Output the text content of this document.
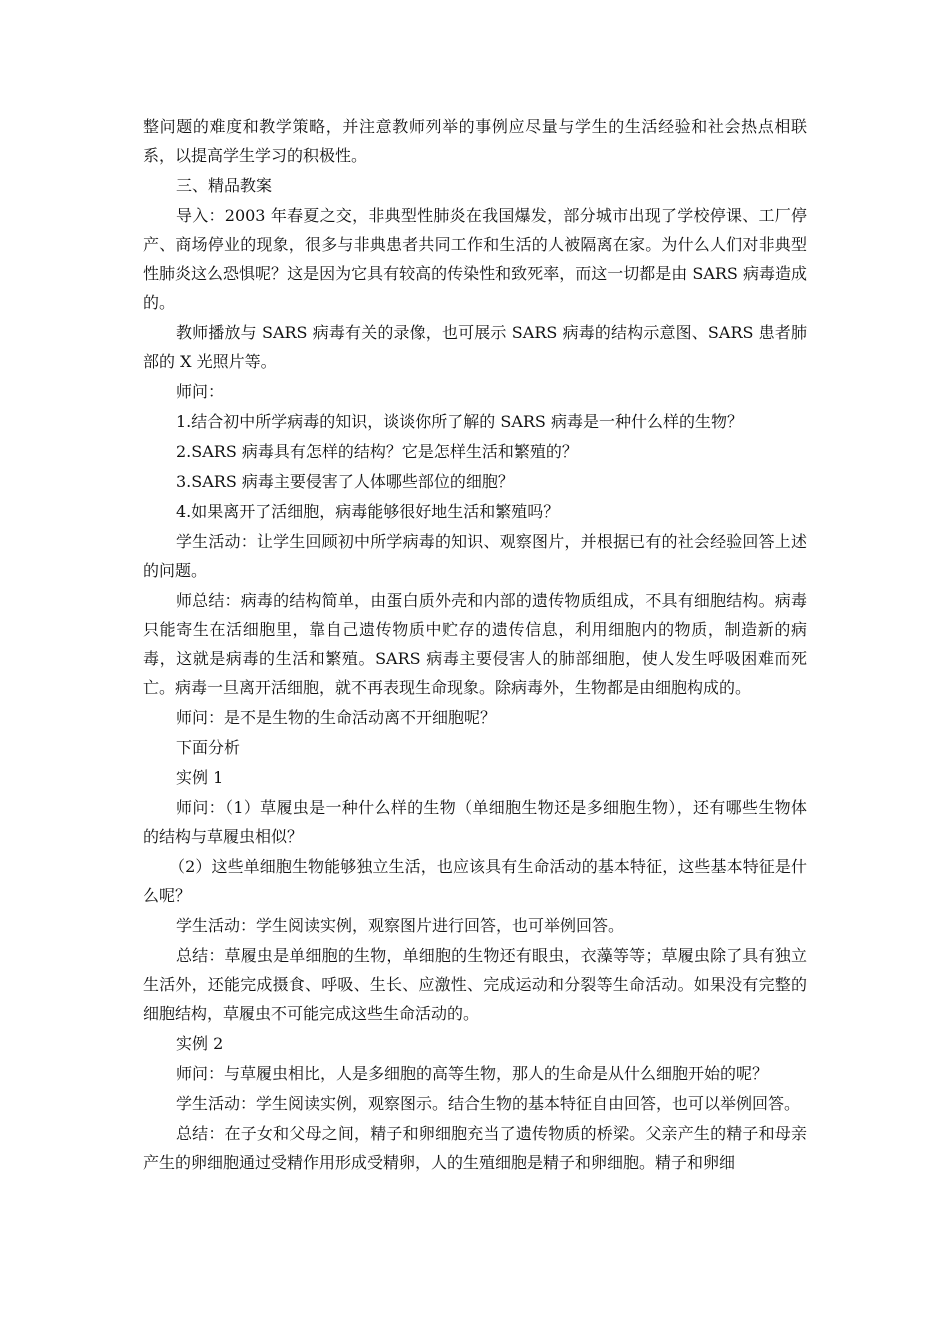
整问题的难度和教学策略，并注意教师列举的事例应尽量与学生的生活经验和社会热点相联系，以提高学生学习的积极性。

三、精品教案

导入：2003 年春夏之交，非典型性肺炎在我国爆发，部分城市出现了学校停课、工厂停产、商场停业的现象，很多与非典患者共同工作和生活的人被隔离在家。为什么人们对非典型性肺炎这么恐惧呢？这是因为它具有较高的传染性和致死率，而这一切都是由 SARS 病毒造成的。

教师播放与 SARS 病毒有关的录像，也可展示 SARS 病毒的结构示意图、SARS 患者肺部的 X 光照片等。

师问：

1.结合初中所学病毒的知识，谈谈你所了解的 SARS 病毒是一种什么样的生物？

2.SARS 病毒具有怎样的结构？它是怎样生活和繁殖的？

3.SARS 病毒主要侵害了人体哪些部位的细胞？

4.如果离开了活细胞，病毒能够很好地生活和繁殖吗？

学生活动：让学生回顾初中所学病毒的知识、观察图片，并根据已有的社会经验回答上述的问题。

师总结：病毒的结构简单，由蛋白质外壳和内部的遗传物质组成，不具有细胞结构。病毒只能寄生在活细胞里，靠自己遗传物质中贮存的遗传信息，利用细胞内的物质，制造新的病毒，这就是病毒的生活和繁殖。SARS 病毒主要侵害人的肺部细胞，使人发生呼吸困难而死亡。病毒一旦离开活细胞，就不再表现生命现象。除病毒外，生物都是由细胞构成的。

师问：是不是生物的生命活动离不开细胞呢？

下面分析

实例 1

师问：（1）草履虫是一种什么样的生物（单细胞生物还是多细胞生物），还有哪些生物体的结构与草履虫相似？

（2）这些单细胞生物能够独立生活，也应该具有生命活动的基本特征，这些基本特征是什么呢？

学生活动：学生阅读实例，观察图片进行回答，也可举例回答。

总结：草履虫是单细胞的生物，单细胞的生物还有眼虫，衣藻等等；草履虫除了具有独立生活外，还能完成摄食、呼吸、生长、应激性、完成运动和分裂等生命活动。如果没有完整的细胞结构，草履虫不可能完成这些生命活动的。

实例 2

师问：与草履虫相比，人是多细胞的高等生物，那人的生命是从什么细胞开始的呢？

学生活动：学生阅读实例，观察图示。结合生物的基本特征自由回答，也可以举例回答。

总结：在子女和父母之间，精子和卵细胞充当了遗传物质的桥梁。父亲产生的精子和母亲产生的卵细胞通过受精作用形成受精卵，人的生殖细胞是精子和卵细胞。精子和卵细
